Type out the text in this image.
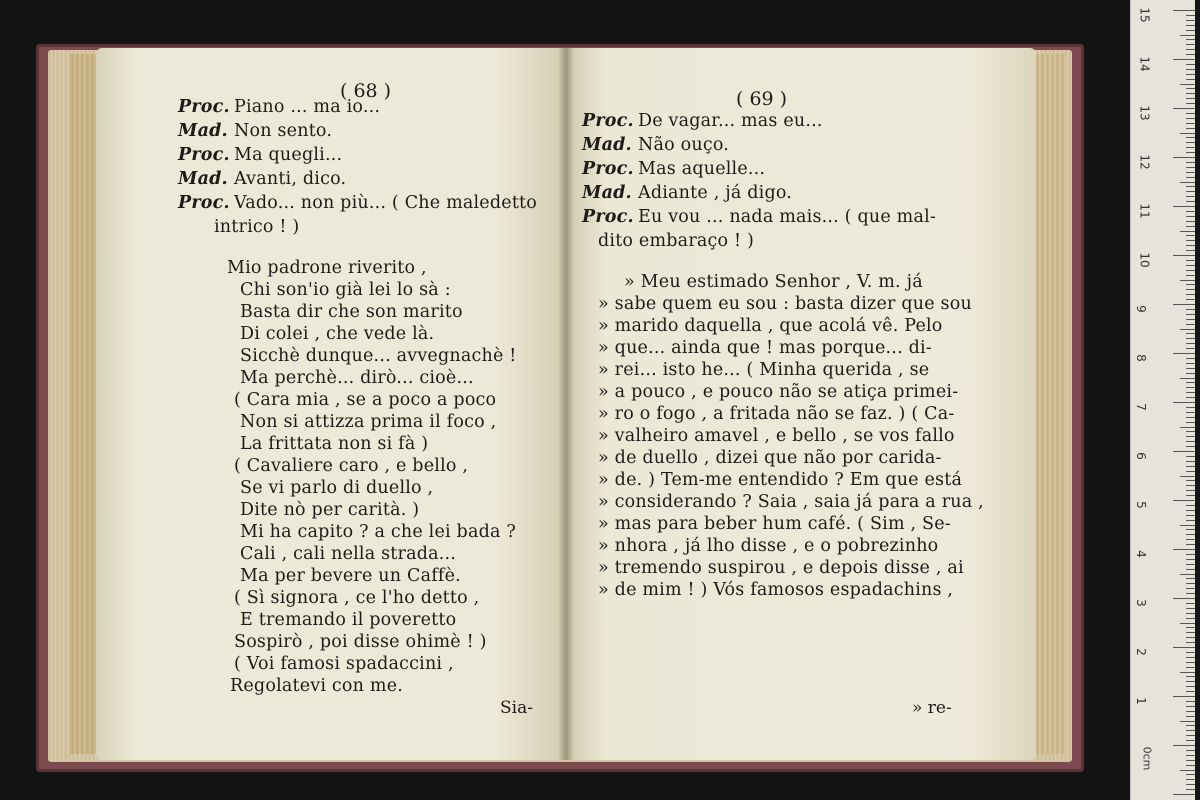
( 68 )
Proc. Piano ... ma io...
Mad. Non sento.
Proc. Ma quegli...
Mad. Avanti, dico.
Proc. Vado... non più... ( Che maledetto
intrico ! )
Mio padrone riverito ,
Chi son'io già lei lo sà :
Basta dir che son marito
Di colei , che vede là.
Sicchè dunque... avvegnachè !
Ma perchè... dirò... cioè...
( Cara mia , se a poco a poco
Non si attizza prima il foco ,
La frittata non si fà )
( Cavaliere caro , e bello ,
Se vi parlo di duello ,
Dite nò per carità. )
Mi ha capito ? a che lei bada ?
Cali , cali nella strada...
Ma per bevere un Caffè.
( Sì signora , ce l'ho detto ,
E tremando il poveretto
Sospirò , poi disse ohimè ! )
( Voi famosi spadaccini ,
Regolatevi con me.
Sia-
( 69 )
Proc. De vagar... mas eu...
Mad. Não ouço.
Proc. Mas aquelle...
Mad. Adiante , já digo.
Proc. Eu vou ... nada mais... ( que mal-
dito embaraço ! )
» Meu estimado Senhor , V. m. já
» sabe quem eu sou : basta dizer que sou
» marido daquella , que acolá vê. Pelo
» que... ainda que ! mas porque... di-
» rei... isto he... ( Minha querida , se
» a pouco , e pouco não se atiça primei-
» ro o fogo , a fritada não se faz. ) ( Ca-
» valheiro amavel , e bello , se vos fallo
» de duello , dizei que não por carida-
» de. ) Tem-me entendido ? Em que está
» considerando ? Saia , saia já para a rua ,
» mas para beber hum café. ( Sim , Se-
» nhora , já lho disse , e o pobrezinho
» tremendo suspirou , e depois disse , ai
» de mim ! ) Vós famosos espadachins ,
» re-
15
14
13
12
11
10
9
8
7
6
5
4
3
2
1
0cm
